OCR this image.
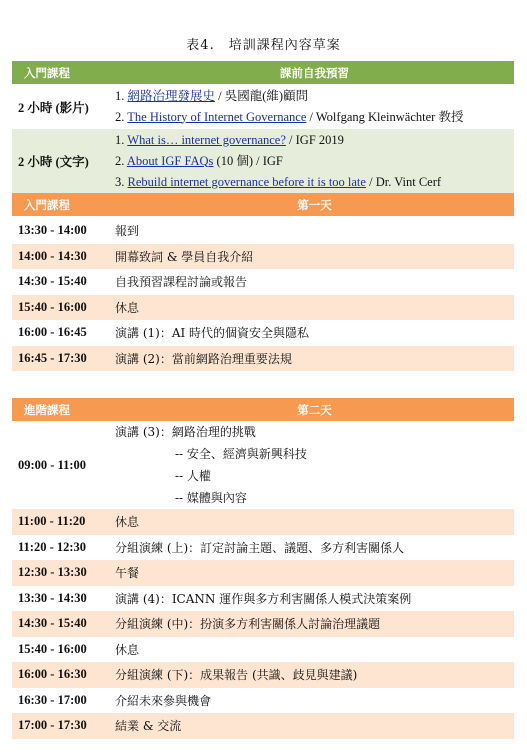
表4.　培訓課程內容草案
入門課程	課前自我預習
2 小時 (影片)	1. 網路治理發展史 / 吳國龍(維)顧問
2. The History of Internet Governance / Wolfgang Kleinwächter 教授

2 小時 (文字)	1. What is… internet governance? / IGF 2019
2. About IGF FAQs (10 個) / IGF
3. Rebuild internet governance before it is too late / Dr. Vint Cerf

入門課程	第一天
13:30 - 14:00	報到
14:00 - 14:30	開幕致詞 & 學員自我介紹
14:30 - 15:40	自我預習課程討論或報告
15:40 - 16:00	休息
16:00 - 16:45	演講 (1)：AI 時代的個資安全與隱私
16:45 - 17:30	演講 (2)：當前網路治理重要法規
進階課程	第二天
09:00 - 11:00	演講 (3)：網路治理的挑戰
-- 安全、經濟與新興科技
-- 人權
-- 媒體與內容

11:00 - 11:20	休息
11:20 - 12:30	分組演練 (上)：訂定討論主題、議題、多方利害關係人
12:30 - 13:30	午餐
13:30 - 14:30	演講 (4)：ICANN 運作與多方利害關係人模式決策案例
14:30 - 15:40	分組演練 (中)：扮演多方利害關係人討論治理議題
15:40 - 16:00	休息
16:00 - 16:30	分組演練 (下)：成果報告 (共識、歧見與建議)
16:30 - 17:00	介紹未來參與機會
17:00 - 17:30	結業 & 交流
